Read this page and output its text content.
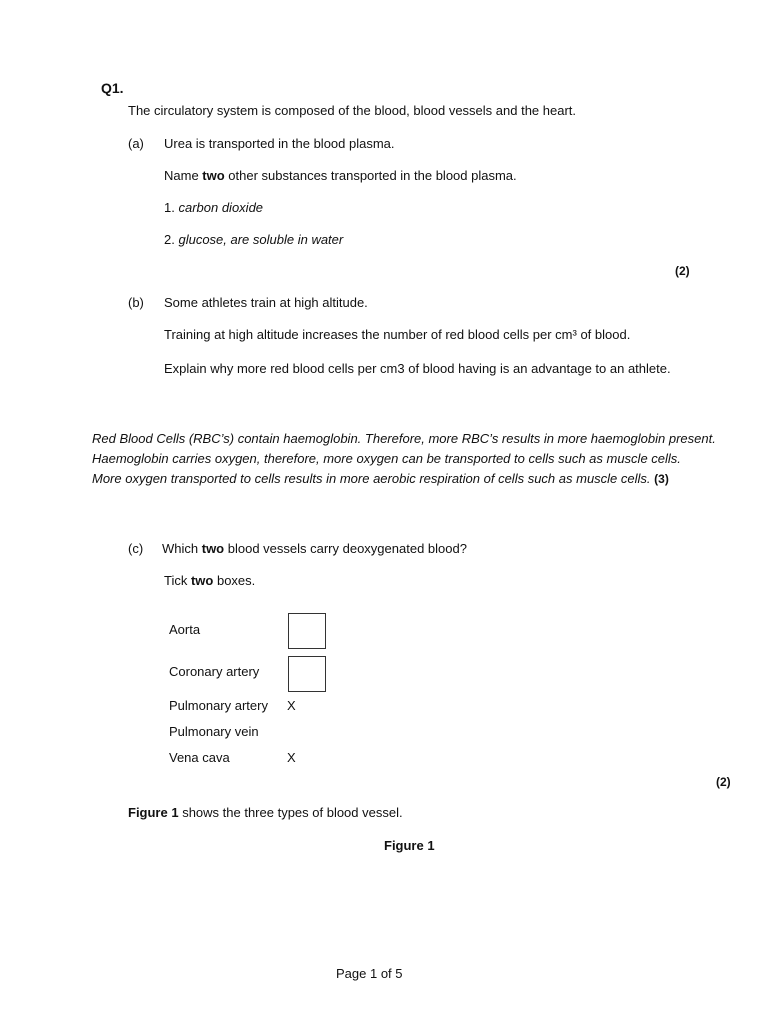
Q1.
The circulatory system is composed of the blood, blood vessels and the heart.
(a) Urea is transported in the blood plasma.
Name two other substances transported in the blood plasma.
1. carbon dioxide
2. glucose, are soluble in water
(2)
(b) Some athletes train at high altitude.
Training at high altitude increases the number of red blood cells per cm³ of blood.
Explain why more red blood cells per cm3 of blood having is an advantage to an athlete.

Red Blood Cells (RBC’s) contain haemoglobin. Therefore, more RBC’s results in more haemoglobin present.

Haemoglobin carries oxygen, therefore, more oxygen can be transported to cells such as muscle cells.

More oxygen transported to cells results in more aerobic respiration of cells such as muscle cells. (3)

(c) Which two blood vessels carry deoxygenated blood?
Tick two boxes.
Aorta
Coronary artery
Pulmonary artery X
Pulmonary vein
Vena cava	X
(2)
Figure 1 shows the three types of blood vessel.
Figure 1
Page 1 of 5
